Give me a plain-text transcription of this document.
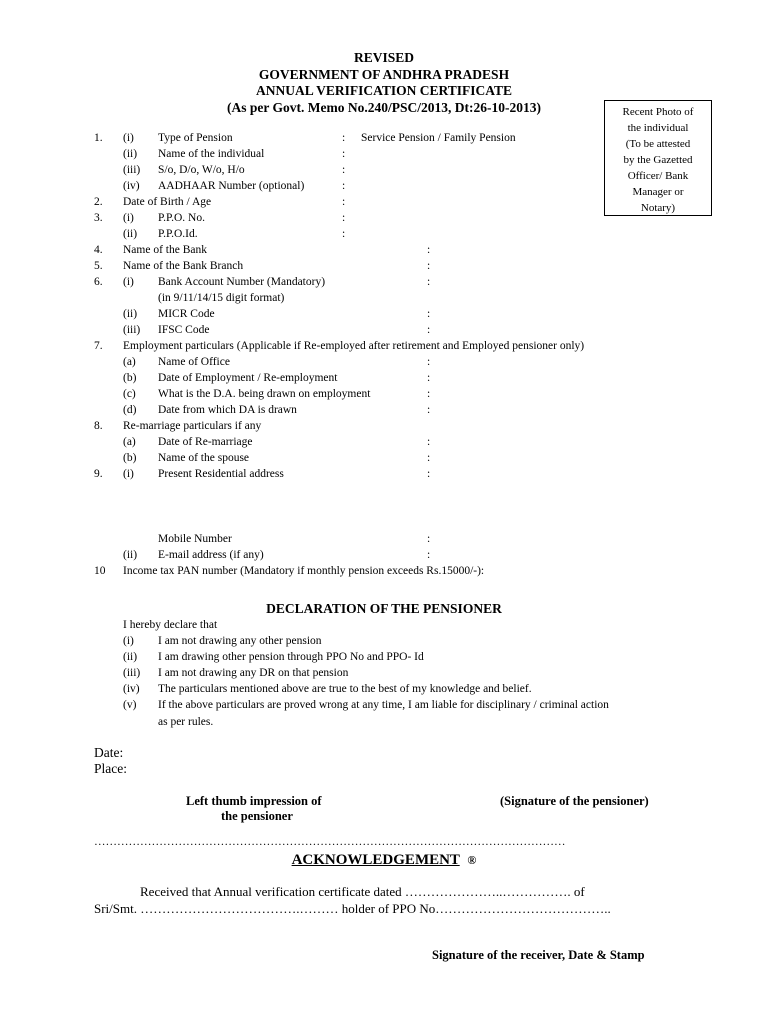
REVISED
GOVERNMENT OF ANDHRA PRADESH
ANNUAL VERIFICATION CERTIFICATE
(As per Govt. Memo No.240/PSC/2013, Dt:26-10-2013)	Recent Photo of
the individual
(To be attested
by the Gazetted
Officer/ Bank
Manager or
Notary)
1. (i) Type of Pension	: Service Pension / Family Pension
(ii) Name of the individual	:
(iii) S/o, D/o, W/o, H/o	:
(iv) AADHAAR Number (optional)	:
2. Date of Birth / Age	:
3. (i) P.P.O. No.	:
(ii) P.P.O.Id.	:
4. Name of the Bank	:
5. Name of the Bank Branch	:
6. (i) Bank Account Number (Mandatory)	:
(in 9/11/14/15 digit format)
(ii) MICR Code	:
(iii) IFSC Code	:
7. Employment particulars (Applicable if Re-employed after retirement and Employed pensioner only)
(a) Name of Office	:
(b) Date of Employment / Re-employment	:
(c) What is the D.A. being drawn on employment	:
(d) Date from which DA is drawn	:
8. Re-marriage particulars if any
(a) Date of Re-marriage	:
(b) Name of the spouse	:
9. (i) Present Residential address	:
Mobile Number	:
(ii) E-mail address (if any)	:
10 Income tax PAN number (Mandatory if monthly pension exceeds Rs.15000/-):
DECLARATION OF THE PENSIONER
I hereby declare that
(i) I am not drawing any other pension
(ii) I am drawing other pension through PPO No and PPO- Id
(iii) I am not drawing any DR on that pension
(iv) The particulars mentioned above are true to the best of my knowledge and belief.
(v) If the above particulars are proved wrong at any time, I am liable for disciplinary / criminal action
as per rules.
Date:
Place:
Left thumb impression of
the pensioner
(Signature of the pensioner)
……………………………………………………………………………………………………………
ACKNOWLEDGEMENT ®
Received that Annual verification certificate dated …………………..……………. of
Sri/Smt. ……………………………….……… holder of PPO No…………………………………..
Signature of the receiver, Date & Stamp
